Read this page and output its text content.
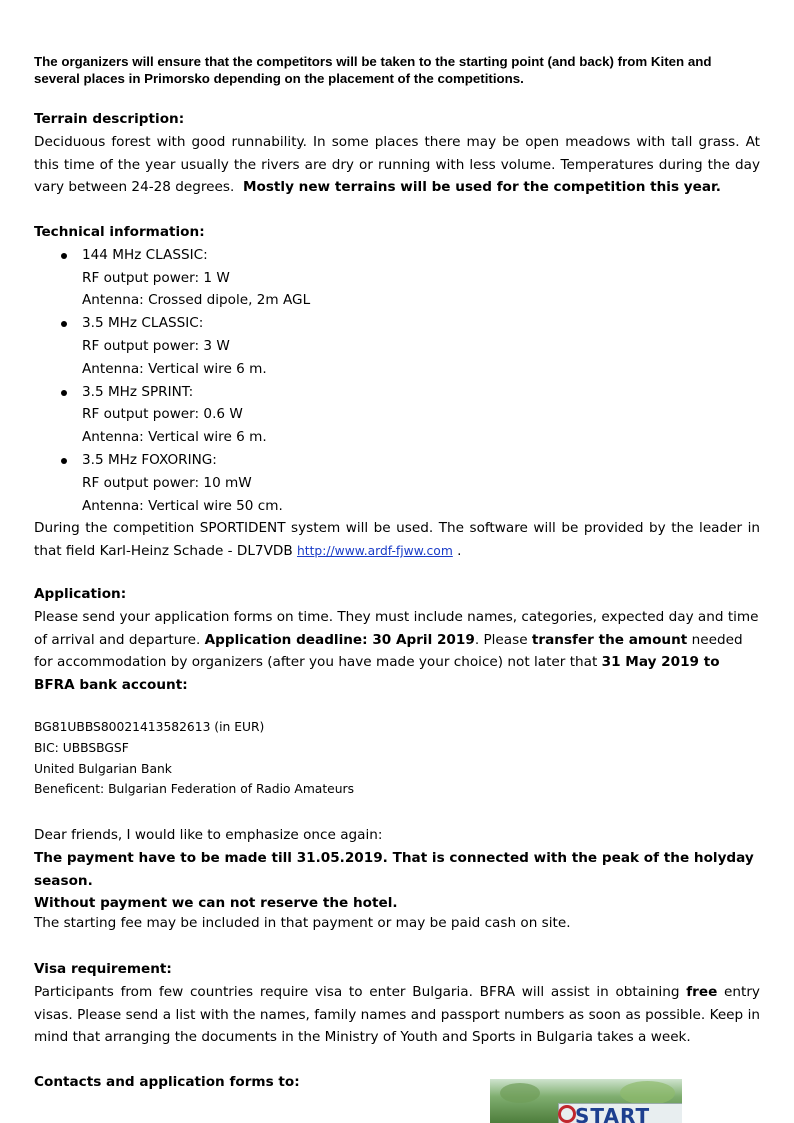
The organizers will ensure that the competitors will be taken to the starting point (and back) from Kiten and several places in Primorsko depending on the placement of the competitions.
Terrain description:
Deciduous forest with good runnability. In some places there may be open meadows with tall grass. At this time of the year usually the rivers are dry or running with less volume. Temperatures during the day vary between 24-28 degrees. Mostly new terrains will be used for the competition this year.
Technical information:
144 MHz CLASSIC:
RF output power: 1 W
Antenna: Crossed dipole, 2m AGL
3.5 MHz CLASSIC:
RF output power: 3 W
Antenna: Vertical wire 6 m.
3.5 MHz SPRINT:
RF output power: 0.6 W
Antenna: Vertical wire 6 m.
3.5 MHz FOXORING:
RF output power: 10 mW
Antenna: Vertical wire 50 cm.
During the competition SPORTIDENT system will be used. The software will be provided by the leader in that field Karl-Heinz Schade - DL7VDB http://www.ardf-fjww.com .
Application:
Please send your application forms on time. They must include names, categories, expected day and time of arrival and departure. Application deadline: 30 April 2019. Please transfer the amount needed for accommodation by organizers (after you have made your choice) not later that 31 May 2019 to BFRA bank account:
BG81UBBS80021413582613 (in EUR)
BIC: UBBSBGSF
United Bulgarian Bank
Beneficent: Bulgarian Federation of Radio Amateurs
Dear friends, I would like to emphasize once again:
The payment have to be made till 31.05.2019. That is connected with the peak of the holyday season.
Without payment we can not reserve the hotel.
The starting fee may be included in that payment or may be paid cash on site.
Visa requirement:
Participants from few countries require visa to enter Bulgaria. BFRA will assist in obtaining free entry visas. Please send a list with the names, family names and passport numbers as soon as possible. Keep in mind that arranging the documents in the Ministry of Youth and Sports in Bulgaria takes a week.
Contacts and application forms to:
START
